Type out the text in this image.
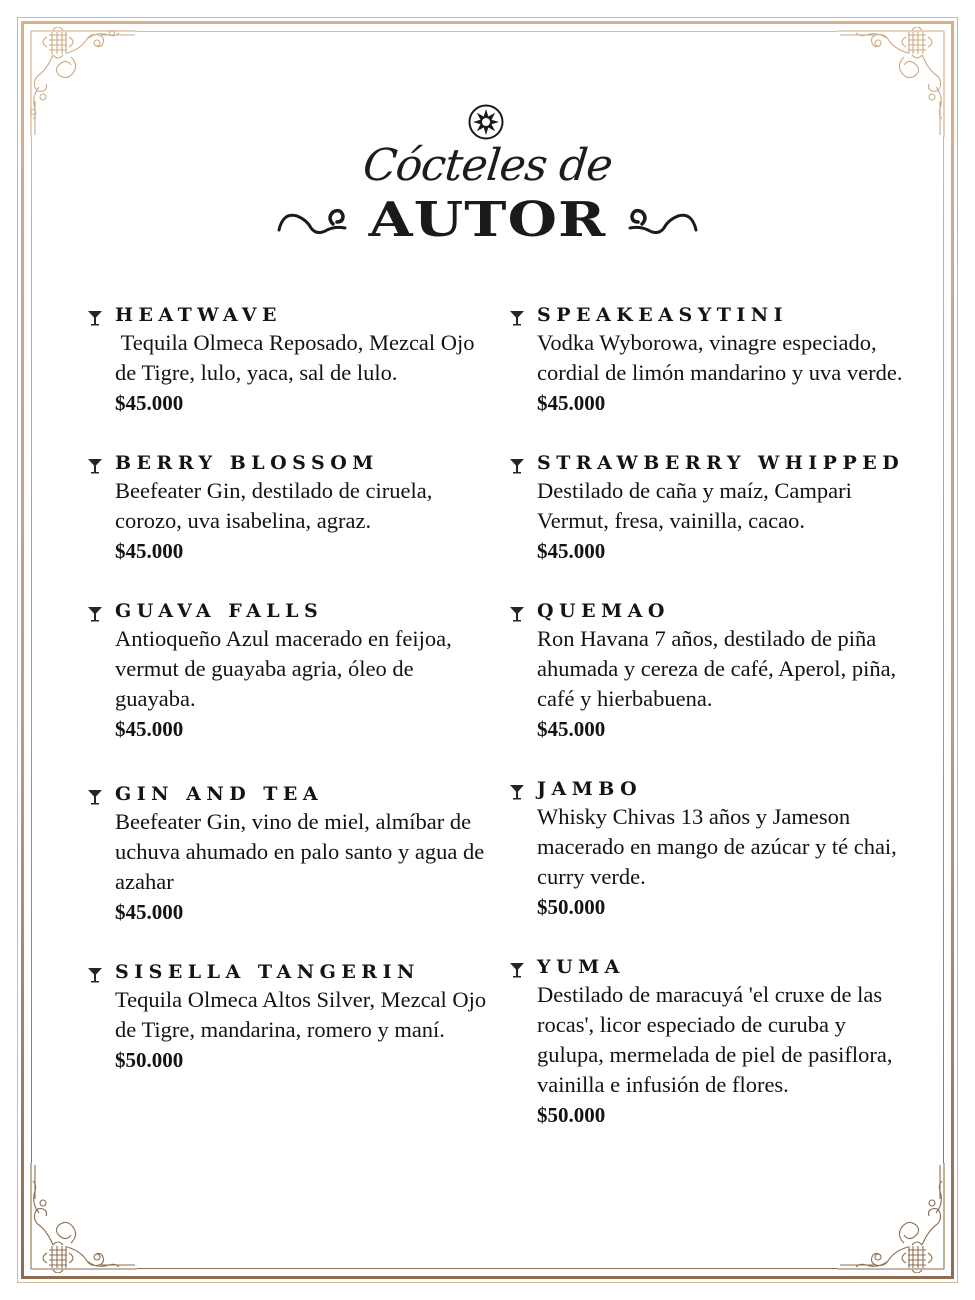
Cócteles de
AUTOR
HEATWAVE
Tequila Olmeca Reposado, Mezcal Ojo de Tigre, lulo, yaca, sal de lulo.
$45.000
BERRY BLOSSOM
Beefeater Gin, destilado de ciruela, corozo, uva isabelina, agraz.
$45.000
GUAVA FALLS
Antioqueño Azul macerado en feijoa, vermut de guayaba agria, óleo de guayaba.
$45.000
GIN AND TEA
Beefeater Gin, vino de miel, almíbar de uchuva ahumado en palo santo y agua de azahar
$45.000
SISELLA TANGERIN
Tequila Olmeca Altos Silver, Mezcal Ojo de Tigre, mandarina, romero y maní.
$50.000
SPEAKEASYTINI
Vodka Wyborowa, vinagre especiado, cordial de limón mandarino y uva verde.
$45.000
STRAWBERRY WHIPPED
Destilado de caña y maíz, Campari Vermut, fresa, vainilla, cacao.
$45.000
QUEMAO
Ron Havana 7 años, destilado de piña ahumada y cereza de café, Aperol, piña, café y hierbabuena.
$45.000
JAMBO
Whisky Chivas 13 años y Jameson macerado en mango de azúcar y té chai, curry verde.
$50.000
YUMA
Destilado de maracuyá 'el cruxe de las rocas', licor especiado de curuba y gulupa, mermelada de piel de pasiflora, vainilla e infusión de flores.
$50.000
